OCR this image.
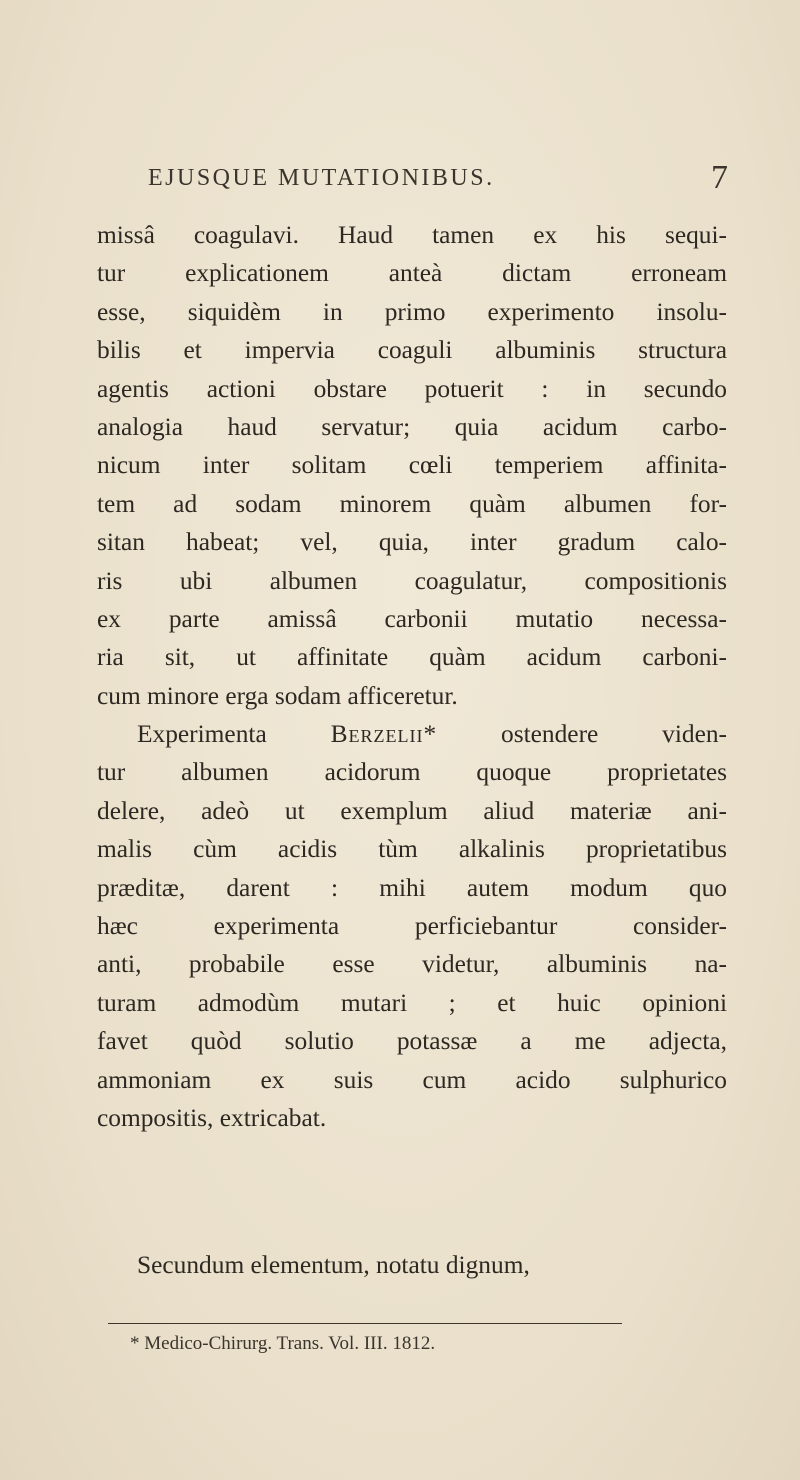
EJUSQUE MUTATIONIBUS.	7
missâ coagulavi. Haud tamen ex his sequi-
tur explicationem anteà dictam erroneam
esse, siquidèm in primo experimento insolu-
bilis et impervia coaguli albuminis structura
agentis actioni obstare potuerit : in secundo
analogia haud servatur; quia acidum carbo-
nicum inter solitam cœli temperiem affinita-
tem ad sodam minorem quàm albumen for-
sitan habeat; vel, quia, inter gradum calo-
ris ubi albumen coagulatur, compositionis
ex parte amissâ carbonii mutatio necessa-
ria sit, ut affinitate quàm acidum carboni-
cum minore erga sodam afficeretur.
Experimenta Berzelii* ostendere viden-
tur albumen acidorum quoque proprietates
delere, adeò ut exemplum aliud materiæ ani-
malis cùm acidis tùm alkalinis proprietatibus
præditæ, darent : mihi autem modum quo
hæc experimenta perficiebantur consider-
anti, probabile esse videtur, albuminis na-
turam admodùm mutari ; et huic opinioni
favet quòd solutio potassæ a me adjecta,
ammoniam ex suis cum acido sulphurico
compositis, extricabat.
Secundum elementum, notatu dignum,
* Medico-Chirurg. Trans. Vol. III. 1812.
